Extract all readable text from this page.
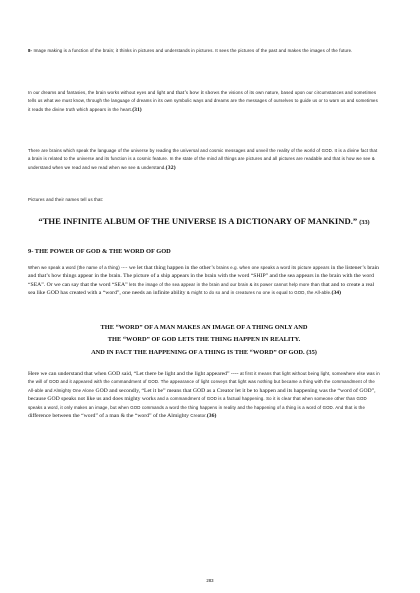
8- Image making is a function of the brain; it thinks in pictures and understands in pictures. It sees the pictures of the past and makes the images of the future.

In our dreams and fantasies, the brain works without eyes and light and that’s how it shows the visions of its own nature, based upon our circumstances and sometimes tells us what we must know, through the language of dreams in its own symbolic ways and dreams are the messages of ourselves to guide us or to warn us and sometimes it reads the divine truth which appears in the heart.(31)

There are brains which speak the language of the universe by reading the universal and cosmic messages and unveil the reality of the world of GOD. It is a divine fact that a brain is related to the universe and its function is a cosmic feature. In the state of the mind all things are pictures and all pictures are readable and that is how we see & understand when we read and we read when we see & understand.(32)

Pictures and their names tell us that:

“THE INFINITE ALBUM OF THE UNIVERSE IS A DICTIONARY OF MANKIND.” (33)

9- THE POWER OF GOD & THE WORD OF GOD

When we speak a word (the name of a thing) ---- we let that thing happen in the other’s brains e.g. when one speaks a word its picture appears in the listener’s brain and that’s how things appear in the brain. The picture of a ship appears in the brain with the word “SHIP” and the sea appears in the brain with the word “SEA”. Or we can say that the word “SEA” lets the image of the sea appear in the brain and our brain & its power cannot help more than that and to create a real sea like GOD has created with a “word”, one needs an infinite ability & might to do so and in creatures no one is equal to GOD, the All-able.(34)

THE “WORD” OF A MAN MAKES AN IMAGE OF A THING ONLY AND

THE “WORD” OF GOD LETS THE THING HAPPEN IN REALITY.

AND IN FACT THE HAPPENING OF A THING IS THE “WORD” OF GOD. (35)

Here we can understand that when GOD said, “Let there be light and the light appeared” ---- at first it means that light without being light, somewhere else was in the will of GOD and it appeared with the commandment of GOD. The appearance of light conveys that light was nothing but became a thing with the commandment of the All-able and Almighty One Alone GOD and secondly, “Let it be” means that GOD as a Creator let it be to happen and its happening was the “word of GOD”, because GOD speaks not like us and does mighty works and a commandment of GOD is a factual happening. So it is clear that when someone other than GOD speaks a word, it only makes an image, but when GOD commands a word the thing happens in reality and the happening of a thing is a word of GOD. And that is the difference between the “word” of a man & the “word” of the Almighty Creator.(36)

283
